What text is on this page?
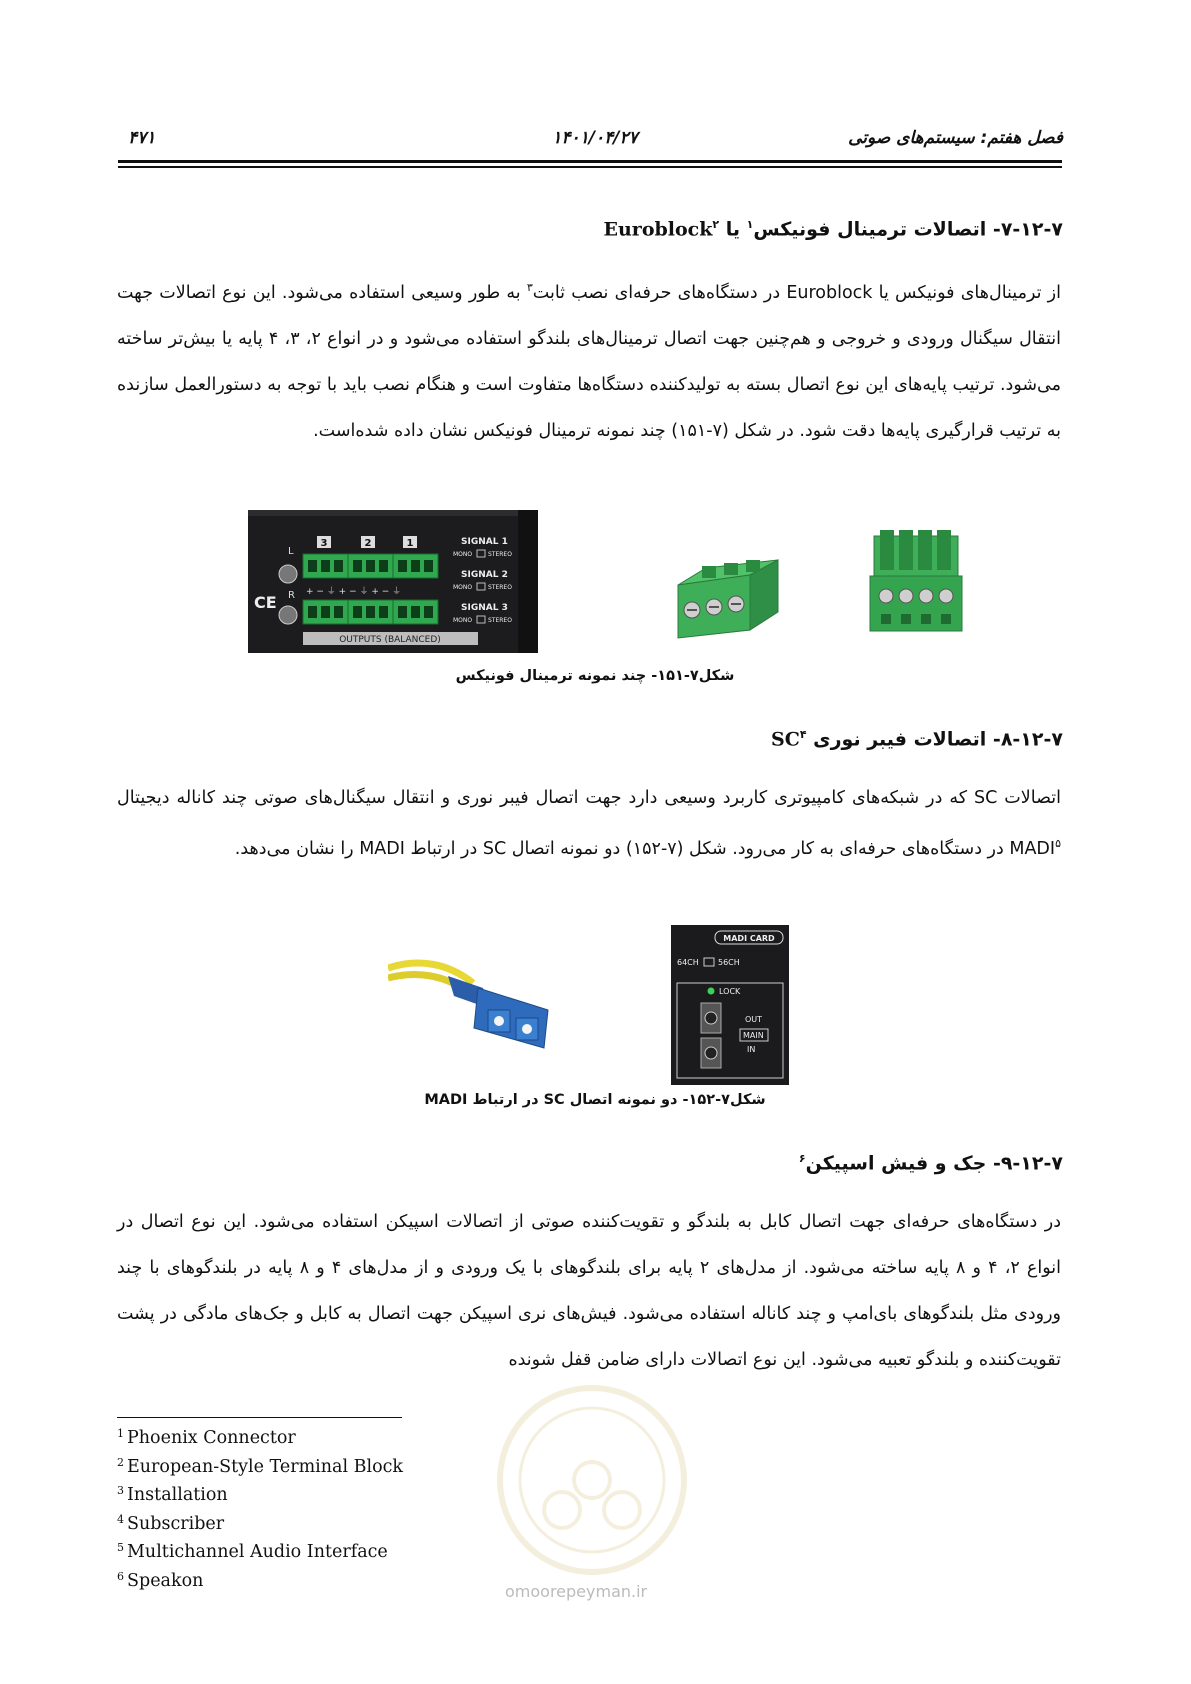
۴۷۱	۱۴۰۱/۰۴/۲۷	فصل هفتم: سیستم‌های صوتی
۷-۱۲-۷- اتصالات ترمینال فونیکس$^۱$ یا Euroblock$^۲$

از ترمینال‌های فونیکس یا Euroblock در دستگاه‌های حرفه‌ای نصب ثابت$^۳$ به طور وسیعی استفاده می‌شود. این نوع اتصالات جهت انتقال سیگنال ورودی و خروجی و هم‌چنین جهت اتصال ترمینال‌های بلندگو استفاده می‌شود و در انواع ۲، ۳، ۴ پایه یا بیش‌تر ساخته می‌شود. ترتیب پایه‌های این نوع اتصال بسته به تولیدکننده دستگاه‌ها متفاوت است و هنگام نصب باید با توجه به دستورالعمل سازنده به ترتیب قرارگیری پایه‌ها دقت شود. در شکل (۷-۱۵۱) چند نمونه ترمینال فونیکس نشان داده شده‌است.

3	2	1
L
R
CE
+ − ⏚ + − ⏚ + − ⏚
SIGNAL 1
SIGNAL 2
SIGNAL 3
MONO	STEREO
MONO	STEREO
MONO	STEREO
OUTPUTS (BALANCED)
شکل۷-۱۵۱- چند نمونه ترمینال فونیکس
۸-۱۲-۷- اتصالات فیبر نوری $SC^۴$

اتصالات SC که در شبکه‌های کامپیوتری کاربرد وسیعی دارد جهت اتصال فیبر نوری و انتقال سیگنال‌های صوتی چند کاناله دیجیتال MADI$^۵$ در دستگاه‌های حرفه‌ای به کار می‌رود. شکل (۷-۱۵۲) دو نمونه اتصال SC در ارتباط MADI را نشان می‌دهد.

MADI CARD
64CH 56CH
LOCK
OUT
MAIN
IN
شکل۷-۱۵۲- دو نمونه اتصال SC در ارتباط MADI
۹-۱۲-۷- جک و فیش اسپیکن$^۶$

در دستگاه‌های حرفه‌ای جهت اتصال کابل به بلندگو و تقویت‌کننده صوتی از اتصالات اسپیکن استفاده می‌شود. این نوع اتصال در انواع ۲، ۴ و ۸ پایه ساخته می‌شود. از مدل‌های ۲ پایه برای بلندگوهای با یک ورودی و از مدل‌های ۴ و ۸ پایه در بلندگوهای با چند ورودی مثل بلندگوهای بای‌امپ و چند کاناله استفاده می‌شود. فیش‌های نری اسپیکن جهت اتصال به کابل و جک‌های مادگی در پشت تقویت‌کننده و بلندگو تعبیه می‌شود. این نوع اتصالات دارای ضامن قفل شونده

omoorepeyman.ir
$^1$ Phoenix Connector
$^2$ European-Style Terminal Block
$^3$ Installation
$^4$ Subscriber
$^5$ Multichannel Audio Interface
$^6$ Speakon
